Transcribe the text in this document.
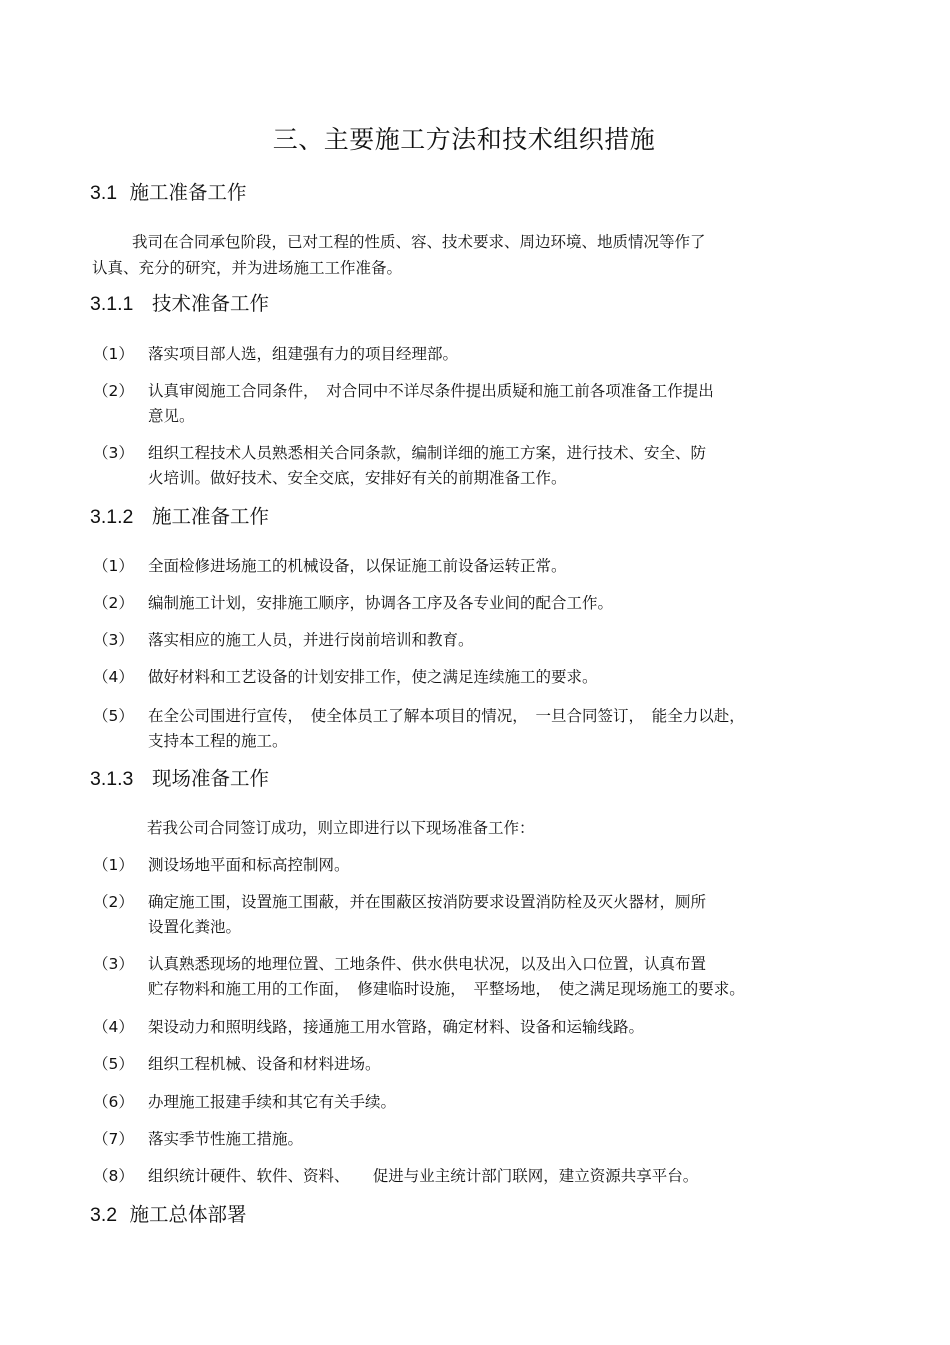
三、主要施工方法和技术组织措施
3.1 施工准备工作
我司在合同承包阶段，已对工程的性质、容、技术要求、周边环境、地质情况等作了
认真、充分的研究，并为进场施工工作准备。
3.1.1 技术准备工作
（1） 落实项目部人选，组建强有力的项目经理部。
（2） 认真审阅施工合同条件，　对合同中不详尽条件提出质疑和施工前各项准备工作提出
意见。
（3） 组织工程技术人员熟悉相关合同条款，编制详细的施工方案，进行技术、安全、防
火培训。做好技术、安全交底，安排好有关的前期准备工作。
3.1.2 施工准备工作
（1） 全面检修进场施工的机械设备，以保证施工前设备运转正常。
（2） 编制施工计划，安排施工顺序，协调各工序及各专业间的配合工作。
（3） 落实相应的施工人员，并进行岗前培训和教育。
（4） 做好材料和工艺设备的计划安排工作，使之满足连续施工的要求。
（5） 在全公司围进行宣传，　使全体员工了解本项目的情况，　一旦合同签订，　能全力以赴，
支持本工程的施工。
3.1.3 现场准备工作
若我公司合同签订成功，则立即进行以下现场准备工作：
（1） 测设场地平面和标高控制网。
（2） 确定施工围，设置施工围蔽，并在围蔽区按消防要求设置消防栓及灭火器材，厕所
设置化粪池。
（3） 认真熟悉现场的地理位置、工地条件、供水供电状况，以及出入口位置，认真布置
贮存物料和施工用的工作面，　修建临时设施，　平整场地，　使之满足现场施工的要求。
（4） 架设动力和照明线路，接通施工用水管路，确定材料、设备和运输线路。
（5） 组织工程机械、设备和材料进场。
（6） 办理施工报建手续和其它有关手续。
（7） 落实季节性施工措施。
（8） 组织统计硬件、软件、资料、　　促进与业主统计部门联网，建立资源共享平台。
3.2 施工总体部署
